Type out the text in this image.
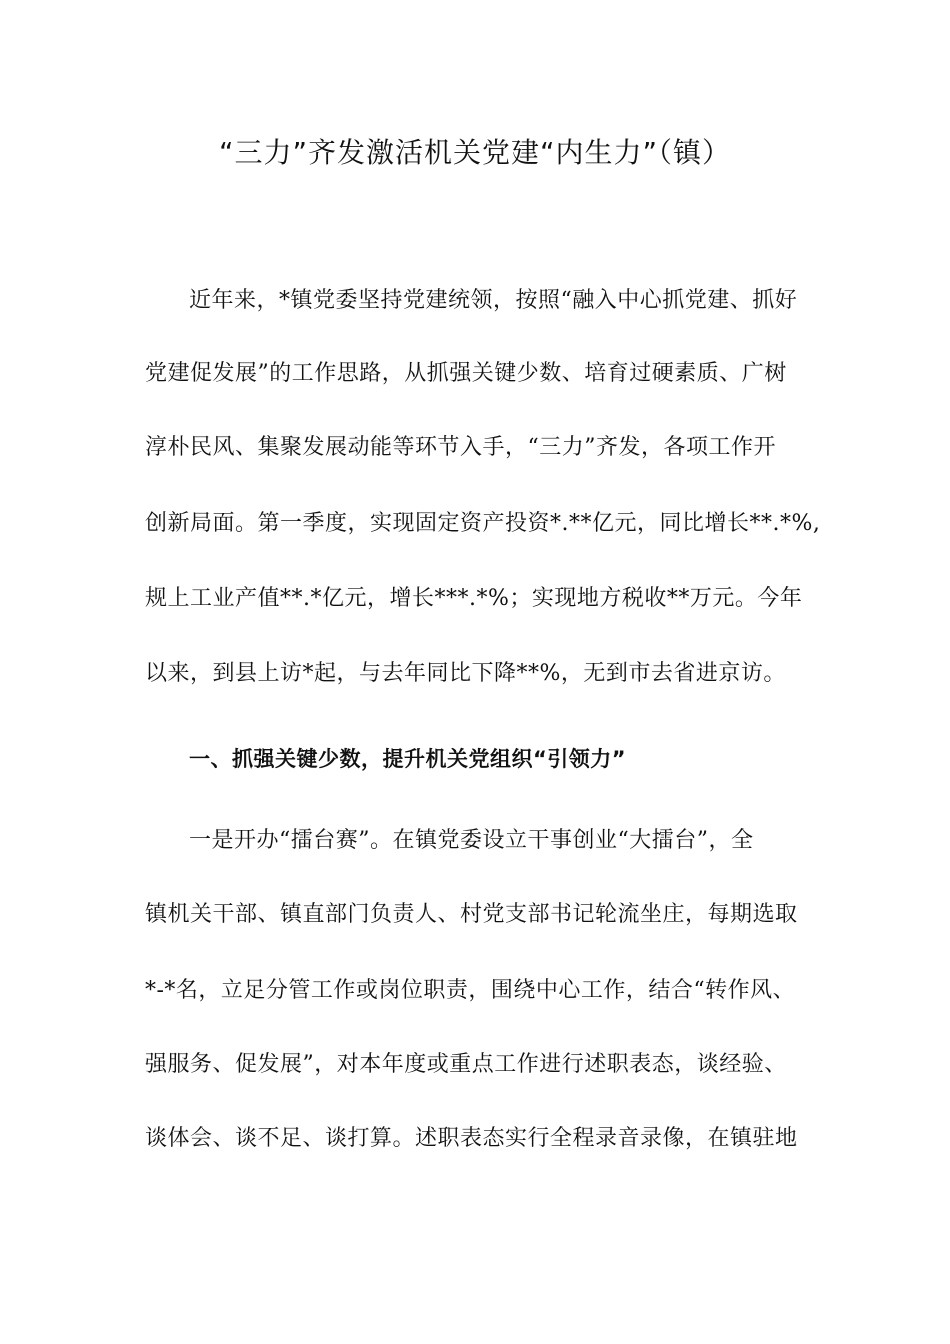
“三力”齐发激活机关党建“内生力”（镇）
近年来，*镇党委坚持党建统领，按照“融入中心抓党建、抓好
党建促发展”的工作思路，从抓强关键少数、培育过硬素质、广树
淳朴民风、集聚发展动能等环节入手，“三力”齐发，各项工作开
创新局面。第一季度，实现固定资产投资*.**亿元，同比增长**.*%,
规上工业产值**.*亿元，增长***.*%；实现地方税收**万元。今年
以来，到县上访*起，与去年同比下降**%，无到市去省进京访。
一、抓强关键少数，提升机关党组织“引领力”
一是开办“擂台赛”。在镇党委设立干事创业“大擂台”，全
镇机关干部、镇直部门负责人、村党支部书记轮流坐庄，每期选取
*-*名，立足分管工作或岗位职责，围绕中心工作，结合“转作风、
强服务、促发展”，对本年度或重点工作进行述职表态，谈经验、
谈体会、谈不足、谈打算。述职表态实行全程录音录像，在镇驻地
